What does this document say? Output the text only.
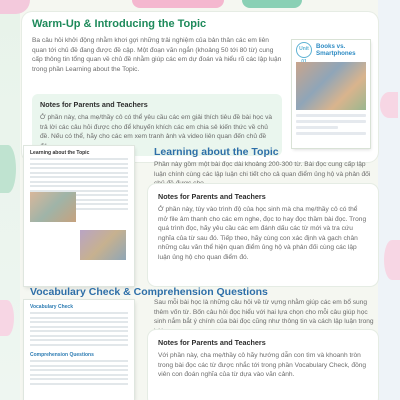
Warm-Up & Introducing the Topic
Ba câu hỏi khởi động nhằm khơi gợi những trải nghiệm của bản thân các em liên quan tới chủ đề đang được đề cập. Một đoạn văn ngắn (khoảng 50 tới 80 từ) cung cấp thông tin tổng quan về chủ đề nhằm giúp các em dự đoán và hiểu rõ các lập luận trong phần Learning about the Topic.
Notes for Parents and Teachers
Ở phần này, cha mẹ/thầy cô có thể yêu cầu các em giải thích tiêu đề bài học và trả lời các câu hỏi được cho để khuyến khích các em chia sẻ kiến thức về chủ đề. Nếu có thể, hãy cho các em xem tranh ảnh và video liên quan đến chủ đề
Unit	Books vs. Smartphones
Learning about the Topic	Learning about the Topic
Phần này gồm một bài đọc dài khoảng 200-300 từ. Bài đọc cung cấp lập luận chính cùng các lập luận chi tiết cho cả quan điểm ủng hộ và phản đối
Notes for Parents and Teachers
Ở phần này, tùy vào trình độ của học sinh mà cha mẹ/thầy cô có thể mở file âm thanh cho các em nghe, đọc to hay đọc thầm bài đọc. Trong quá trình đọc, hãy yêu cầu các em đánh dấu các từ mới và tra cứu nghĩa của từ sau đó. Tiếp theo, hãy cùng con xác định và gạch chân những câu văn thể hiện quan điểm ủng hộ và phản đối cùng các lập luận ủng hộ cho quan điểm đó.
Vocabulary Check & Comprehension Questions
Vocabulary Check
Comprehension Questions
Sau mỗi bài học là những câu hỏi về từ vựng nhằm giúp các em bổ sung thêm vốn từ. Bốn câu hỏi đọc hiểu với hai lựa chọn cho mỗi câu giúp học sinh nắm bắt ý chính của bài đọc cũng như thông tin và cách lập luận trong
Notes for Parents and Teachers
Với phần này, cha mẹ/thầy cô hãy hướng dẫn con tìm và khoanh tròn trong bài đọc các từ được nhắc tới trong phần Vocabulary Check, đồng viên con đoán nghĩa của từ dựa vào văn cảnh.
